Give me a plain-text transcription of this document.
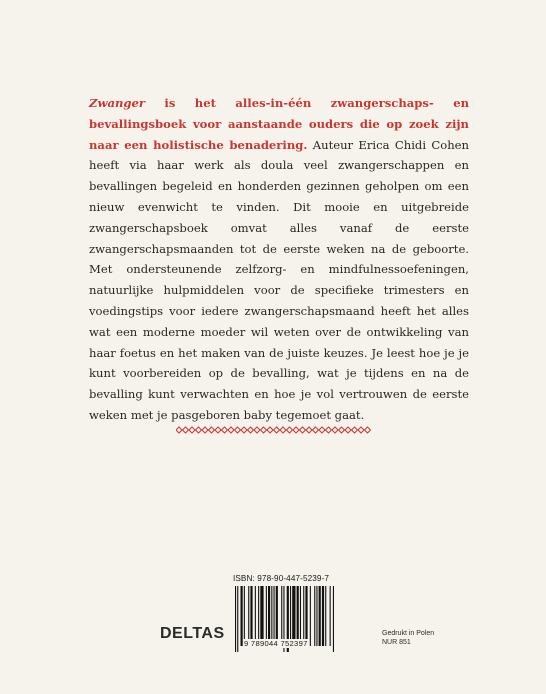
Zwanger is het alles-in-één zwangerschaps- en bevallingsboek voor aanstaande ouders die op zoek zijn naar een holistische benadering. Auteur Erica Chidi Cohen heeft via haar werk als doula veel zwangerschappen en bevallingen begeleid en honderden gezinnen geholpen om een nieuw evenwicht te vinden. Dit mooie en uitgebreide zwangerschapsboek omvat alles vanaf de eerste zwangerschapsmaanden tot de eerste weken na de geboorte. Met ondersteunende zelfzorg- en mindfulnessoefeningen, natuurlijke hulpmiddelen voor de specifieke trimesters en voedingstips voor iedere zwangerschapsmaand heeft het alles wat een moderne moeder wil weten over de ontwikkeling van haar foetus en het maken van de juiste keuzes. Je leest hoe je je kunt voorbereiden op de bevalling, wat je tijdens en na de bevalling kunt verwachten en hoe je vol vertrouwen de eerste weken met je pasgeboren baby tegemoet gaat.
ISBN: 978-90-447-5239-7
9 789044 752397
DELTAS	Gedrukt in Polen
NUR 851
